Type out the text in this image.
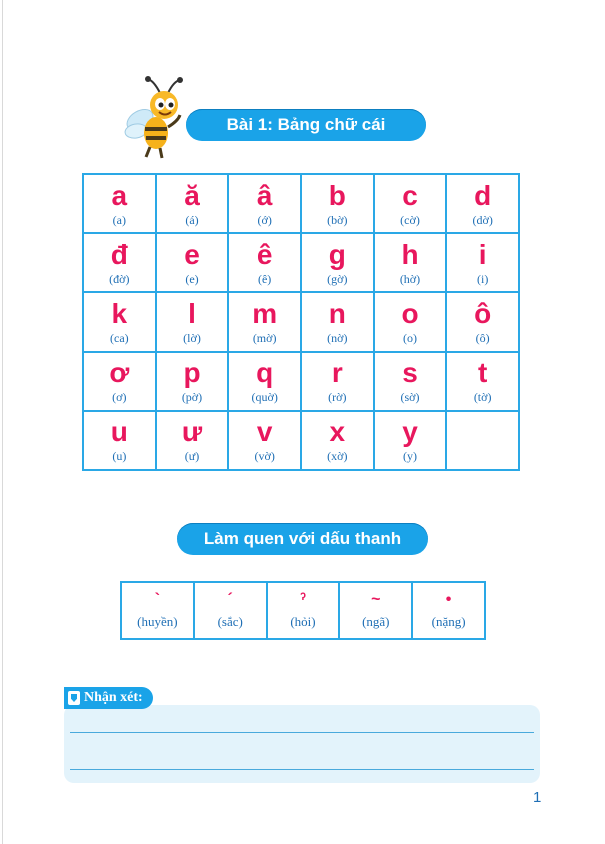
Bài 1: Bảng chữ cái
a
(a)
ă
(á)
â
(ớ)
b
(bờ)
c
(cờ)
d
(dờ)
đ
(đờ)
e
(e)
ê
(ê)
g
(gờ)
h
(hờ)
i
(i)
k
(ca)
l
(lờ)
m
(mờ)
n
(nờ)
o
(o)
ô
(ô)
ơ
(ơ)
p
(pờ)
q
(quờ)
r
(rờ)
s
(sờ)
t
(tờ)
u
(u)
ư
(ư)
v
(vờ)
x
(xờ)
y
(y)
Làm quen với dấu thanh
`
(huyền)
´
(sắc)
ˀ
(hỏi)
~
(ngã)
•
(nặng)
Nhận xét:
1
